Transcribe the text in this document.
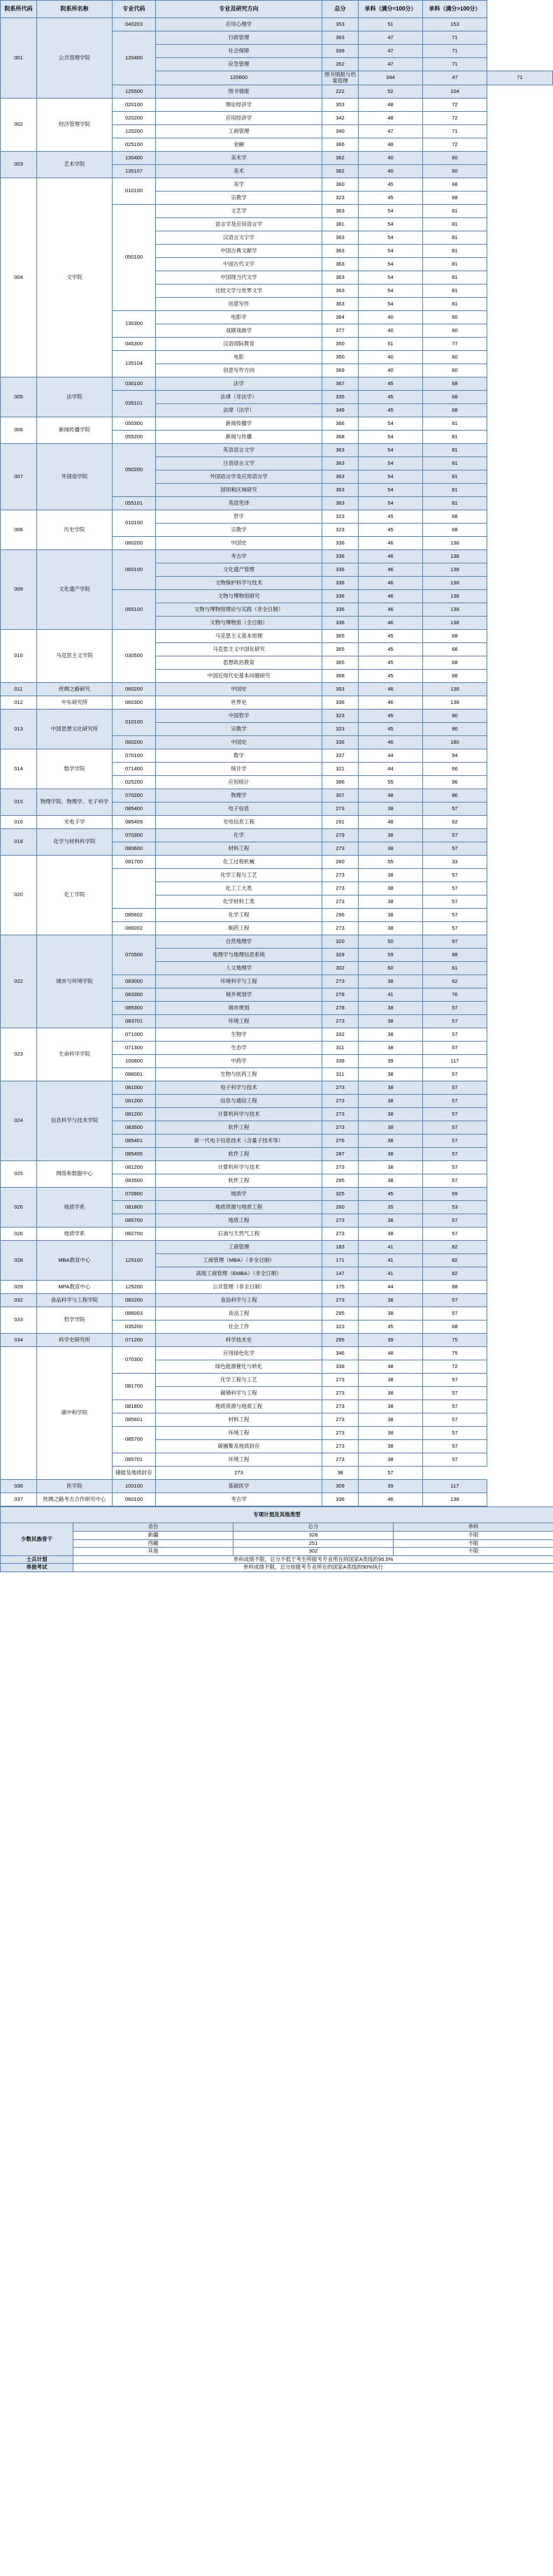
院系所代码	院系所名称	专业代码	专业及研究方向	总分	单科（满分=100分）	单科（满分>100分）	
001	公共管理学院	040203	应用心理学	353	51	153	
		120400	行政管理	363	47	71	
			社会保障	339	47	71	
			应急管理	352	47	71	
			120600	图书情报与档案管理	344	47	71
		125500	图书情报	222	52	104	
002	经济管理学院	020100	理论经济学	353	48	72	
		020200	应用经济学	342	48	72	
		120200	工商管理	340	47	71	
		025100	金融	366	48	72	
003	艺术学院	130400	美术学	362	40	60	
		135107	美术	362	40	60	
004	文学院	010100	美学	360	45	68	
			宗教学	323	45	68	
		050100	文艺学	363	54	81	
			语言学及应用语言学	381	54	81	
			汉语言文字学	363	54	81	
			中国古典文献学	363	54	81	
			中国古代文学	363	54	81	
			中国现当代文学	363	54	81	
			比较文学与世界文学	363	54	81	
			创意写作	363	54	81	
		130300	电影学	364	40	60	
			戏剧戏曲学	377	40	60	
		045300	汉语国际教育	350	51	77	
		135104	电影	350	40	60	
			创意写作方向	369	40	60	
005	法学院	030100	法学	367	45	68	
		035101	法律（非法学）	335	45	68	
			法律（法学）	349	45	68	
006	新闻传播学院	050300	新闻传播学	366	54	81	
		055200	新闻与传播	368	54	81	
007	外国语学院	050200	英语语言文学	363	54	81	
			日语语言文学	363	54	81	
			外国语言学及应用语言学	363	54	81	
			国别和区域研究	363	54	81	
		055101	英语笔译	363	54	81	
008	历史学院	010100	哲学	323	45	68	
			宗教学	323	45	68	
		060200	中国史	336	46	138	
009	文化遗产学院	060100	考古学	336	46	138	
			文化遗产管理	336	46	138	
			文物保护科学与技术	336	46	138	
		065100	文物与博物馆研究	336	46	138	
			文物与博物馆理论与实践（非全日制）	336	46	138	
			文物与博物馆（全日制）	336	46	138	
010	马克思主义学院	030500	马克思主义基本原理	365	45	68	
			马克思主义中国化研究	365	45	68	
			思想政治教育	365	45	68	
			中国近现代史基本问题研究	368	45	68	
011	丝绸之路研究	060200	中国史	353	46	138	
012	中东研究所	060300	世界史	336	46	138	
013	中国思想文化研究所	010100	中国哲学	323	45	90	
			宗教学	323	45	90	
		060200	中国史	336	46	180	
014	数学学院	070100	数学	337	44	94	
		071400	统计学	321	44	66	
		025200	应用统计	386	55	96	
015	物理学院、物理学、光子科学	070200	物理学	307	48	86	
		085400	电子信息	273	38	57	
016	光电子学	085409	光电信息工程	291	48	62	
018	化学与材料科学院	070300	化学	279	38	57	
		080600	材料工程	273	38	57	
020	化工学院	081700	化工过程机械	260	55	33	
			化学工程与工艺	273	38	57	
			化工工大类	273	38	57	
			化学材料工类	273	38	57	
		085602	化学工程	296	38	57	
		086002	制药工程	273	38	57	
022	城市与环境学院	070500	自然地理学	320	50	97	
			地理学与地理信息系统	329	59	88	
			人文地理学	302	60	61	
		083000	环境科学与工程	273	38	62	
		083300	城乡规划学	278	41	76	
		085300	城市规划	278	38	57	
		083701	环境工程	273	38	57	
023	生命科学学院	071000	生物学	332	38	57	
		071300	生态学	311	38	57	
		100800	中药学	339	39	117	
		086001	生物与医药工程	311	38	57	
024	信息科学与技术学院	081000	电子科学与技术	273	38	57	
		081200	信息与通信工程	273	38	57	
		081200	计算机科学与技术	273	38	57	
		083500	软件工程	273	38	57	
		085401	新一代电子信息技术（含量子技术等）	276	38	57	
		085405	软件工程	287	38	57	
025	网络和数据中心	081200	计算机科学与技术	273	38	57	
		083500	软件工程	295	38	57	
026	地质学系	070900	地质学	325	45	69	
		081800	地质资源与地质工程	260	35	53	
		085700	地质工程	273	38	57	
026	地质学系	082700	石油与天然气工程	273	38	57	
028	MBA教育中心	125100	工商管理	183	41	82	
			工商管理（MBA）（非全日制）	171	41	82	
			高级工商管理（EMBA）（非全日制）	147	41	82	
029	MPA教育中心	125200	公共管理（非全日制）	175	44	88	
032	食品科学与工程学院	082200	食品科学与工程	273	38	57	
033	哲学学院	086003	食品工程	295	38	57	
		035200	社会工作	323	45	68	
034	科学史研究所	071200	科学技术史	295	39	75	
	碳中和学院	070300	应用绿色化学	346	48	75	
			绿色能源催化与转化	338	48	72	
		081700	化学工程与工艺	273	38	57	
			碳储科学与工程	273	38	57	
		081800	地质资源与地质工程	273	38	57	
		085601	材料工程	273	38	57	
		085700	环境工程	273	38	57	
			碳捕集及地质封存	273	38	57	
		085701	环境工程	273	38	57	
		储能及地质封存	273	38	57		
036	医学院	100100	基础医学	309	39	117	
037	丝绸之路考古合作研究中心	060100	考古学	336	46	138	
专项计划及其他类型			
少数民族骨干	省份	总分	单科
	新疆	328	不限
	西藏	251	不限
	其他	302	不限
士兵计划	单科成绩不限，总分不低于考生所报考专业所在的国家A类线的95.5%		
单独考试	单科成绩不限，总分按报考专业所在的国家A类线的90%执行		
